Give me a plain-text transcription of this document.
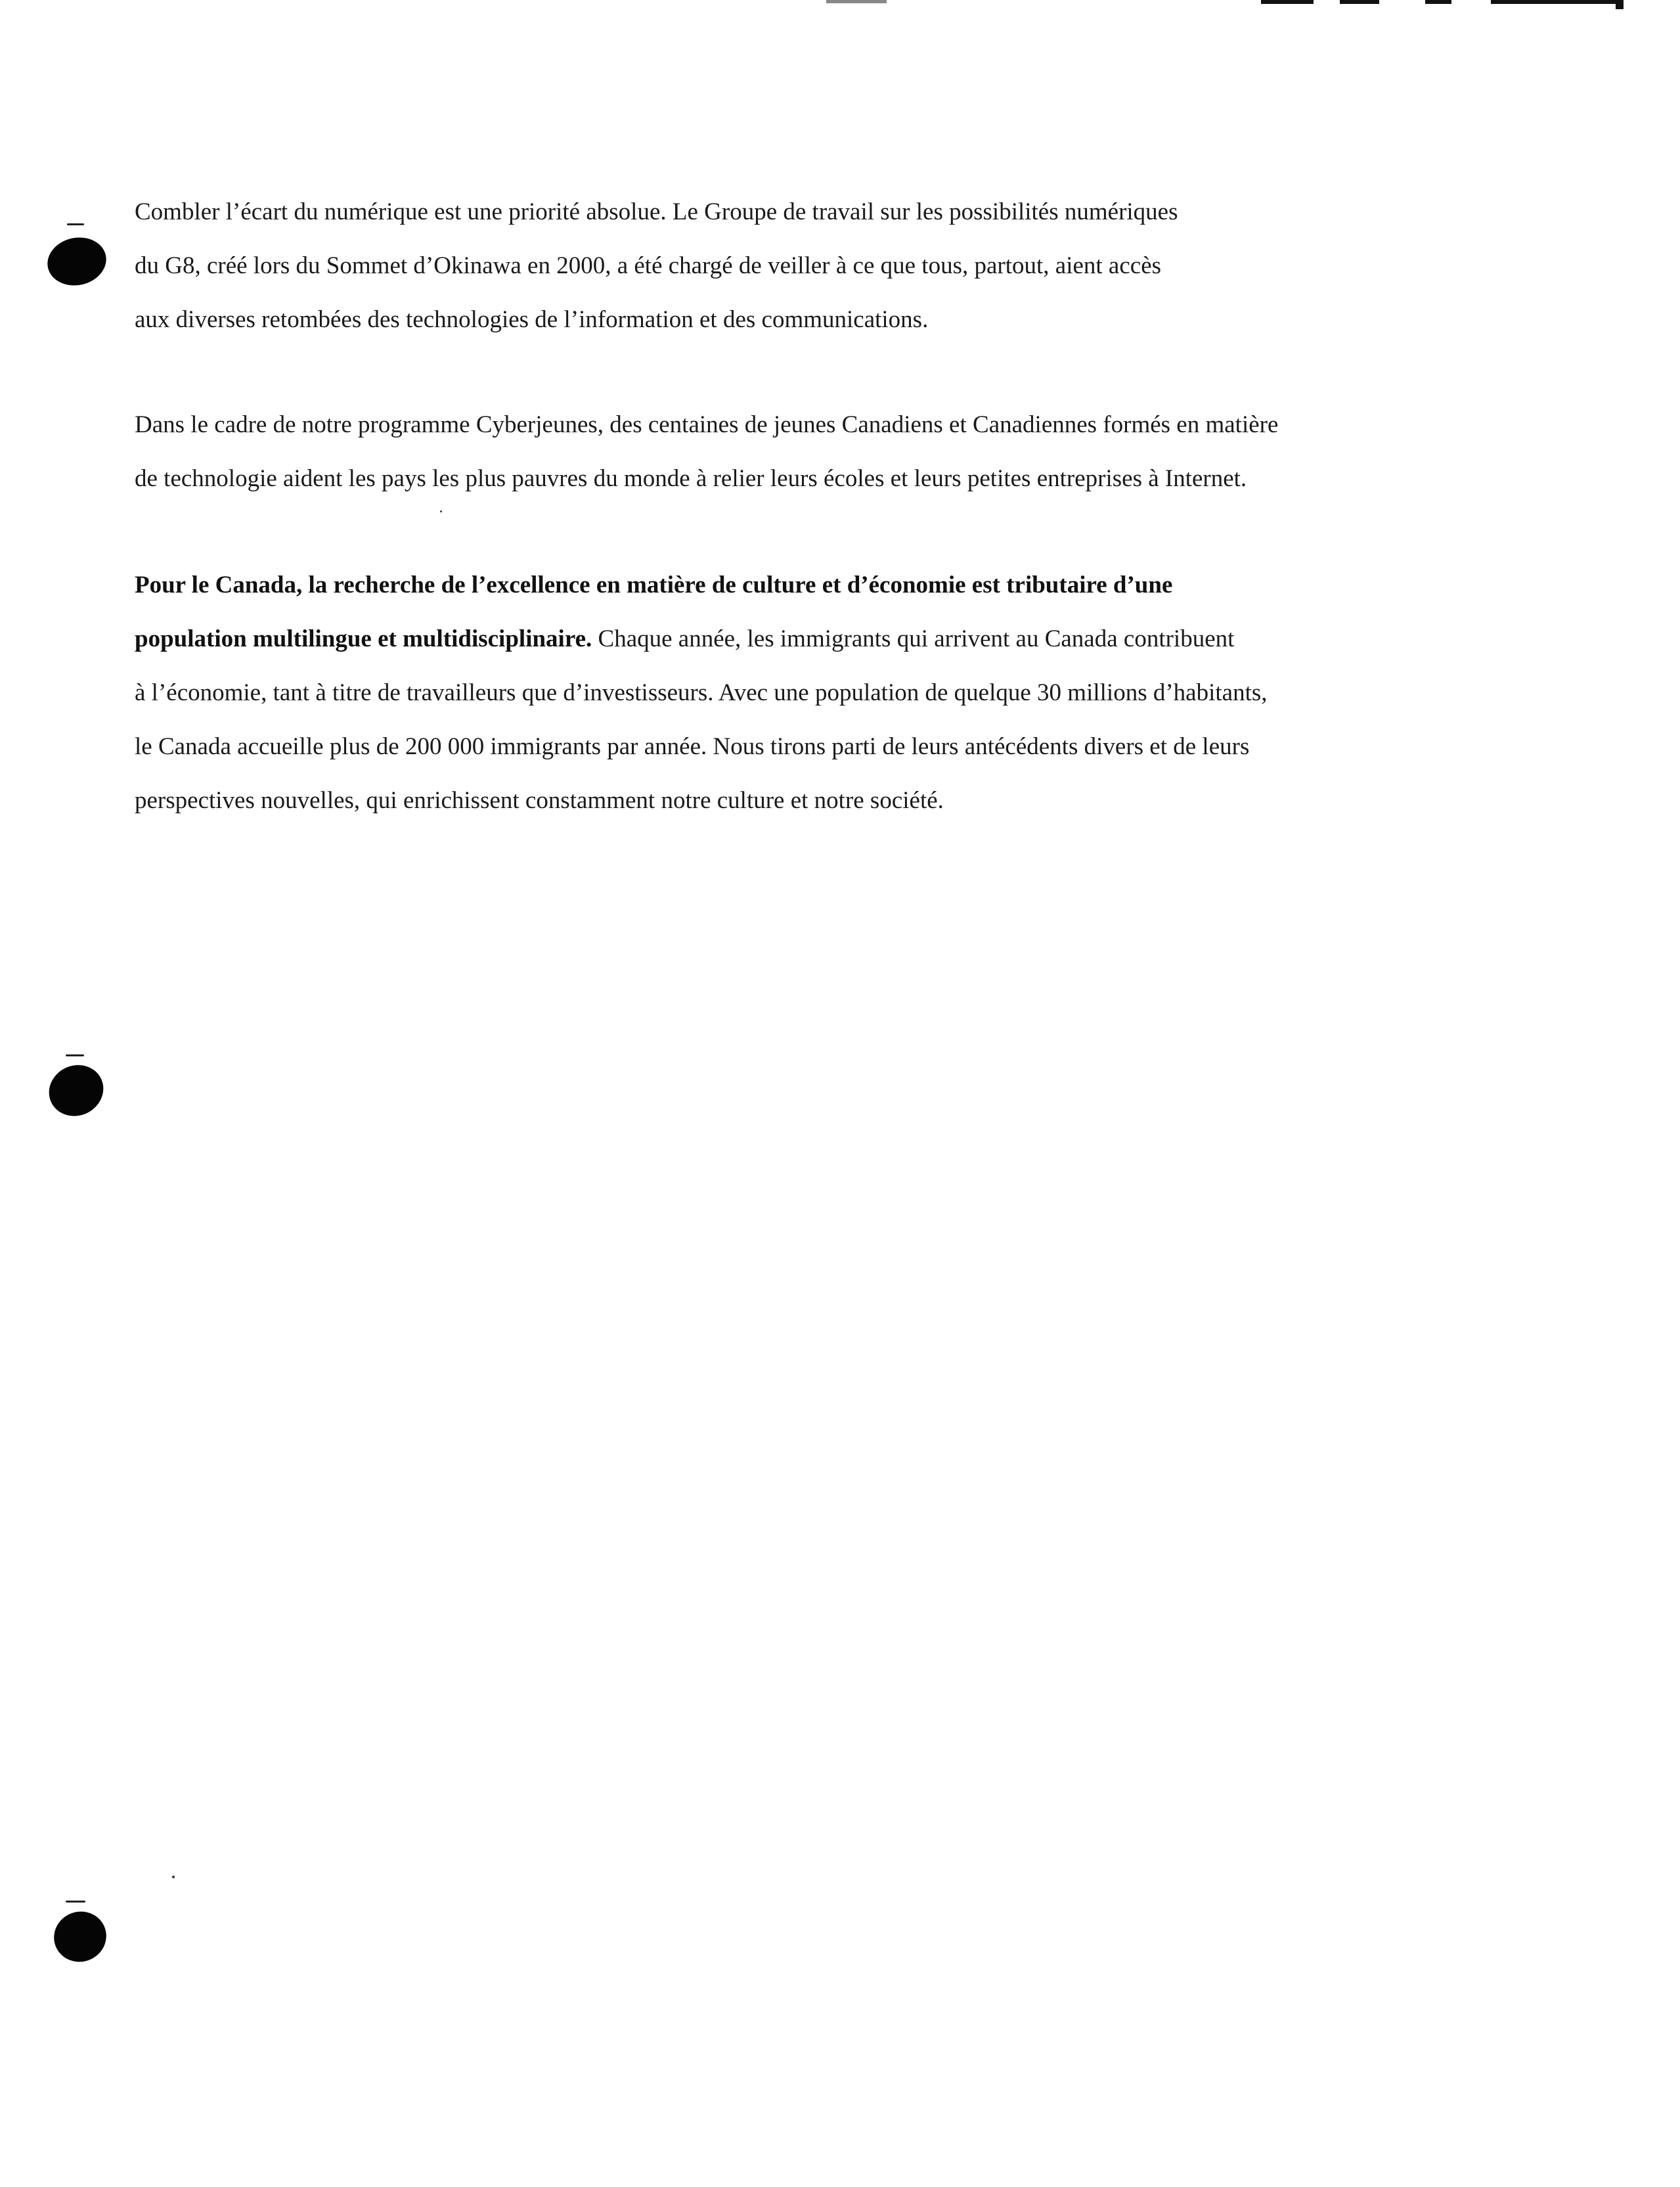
Combler l’écart du numérique est une priorité absolue. Le Groupe de travail sur les possibilités numériques
du G8, créé lors du Sommet d’Okinawa en 2000, a été chargé de veiller à ce que tous, partout, aient accès
aux diverses retombées des technologies de l’information et des communications.
Dans le cadre de notre programme Cyberjeunes, des centaines de jeunes Canadiens et Canadiennes formés en matière
de technologie aident les pays les plus pauvres du monde à relier leurs écoles et leurs petites entreprises à Internet.
Pour le Canada, la recherche de l’excellence en matière de culture et d’économie est tributaire d’une
population multilingue et multidisciplinaire. Chaque année, les immigrants qui arrivent au Canada contribuent
à l’économie, tant à titre de travailleurs que d’investisseurs. Avec une population de quelque 30 millions d’habitants,
le Canada accueille plus de 200 000 immigrants par année. Nous tirons parti de leurs antécédents divers et de leurs
perspectives nouvelles, qui enrichissent constamment notre culture et notre société.
